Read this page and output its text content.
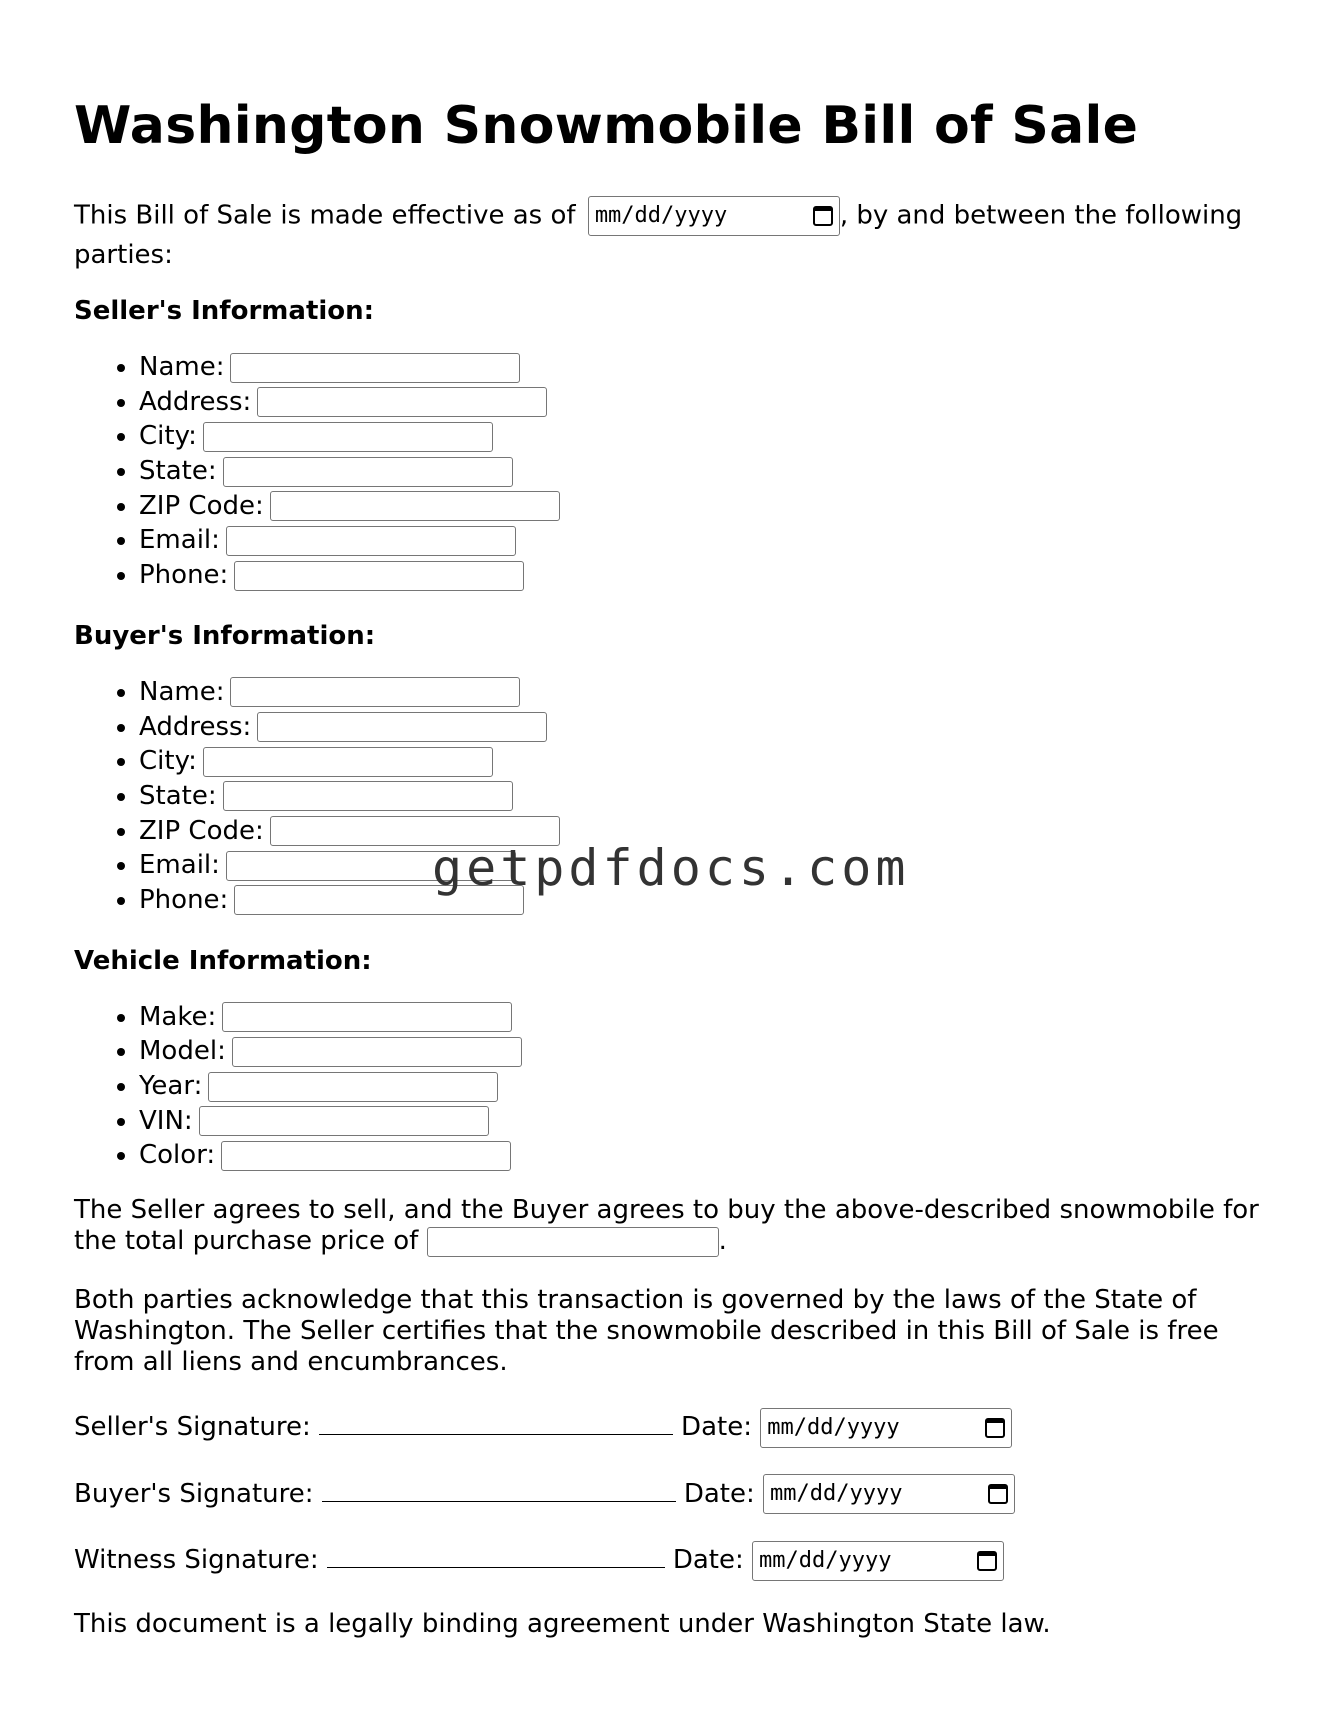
Washington Snowmobile Bill of Sale

This Bill of Sale is made effective as of mm/dd/yyyy	, by and between the following parties:

Seller's Information:
• Name:
• Address:
• City:
• State:
• ZIP Code:
• Email:
• Phone:
Buyer's Information:
• Name:
• Address:
• City:
• State:
• ZIP Code:
• Email:
• Phone:
Vehicle Information:
• Make:
• Model:
• Year:
• VIN:
• Color:

The Seller agrees to sell, and the Buyer agrees to buy the above-described snowmobile for the total purchase price of	.

Both parties acknowledge that this transaction is governed by the laws of the State of Washington. The Seller certifies that the snowmobile described in this Bill of Sale is free from all liens and encumbrances.

Seller's Signature:	Date: mm/dd/yyyy
Buyer's Signature:	Date: mm/dd/yyyy
Witness Signature:	Date: mm/dd/yyyy

This document is a legally binding agreement under Washington State law.

getpdfdocs.com
